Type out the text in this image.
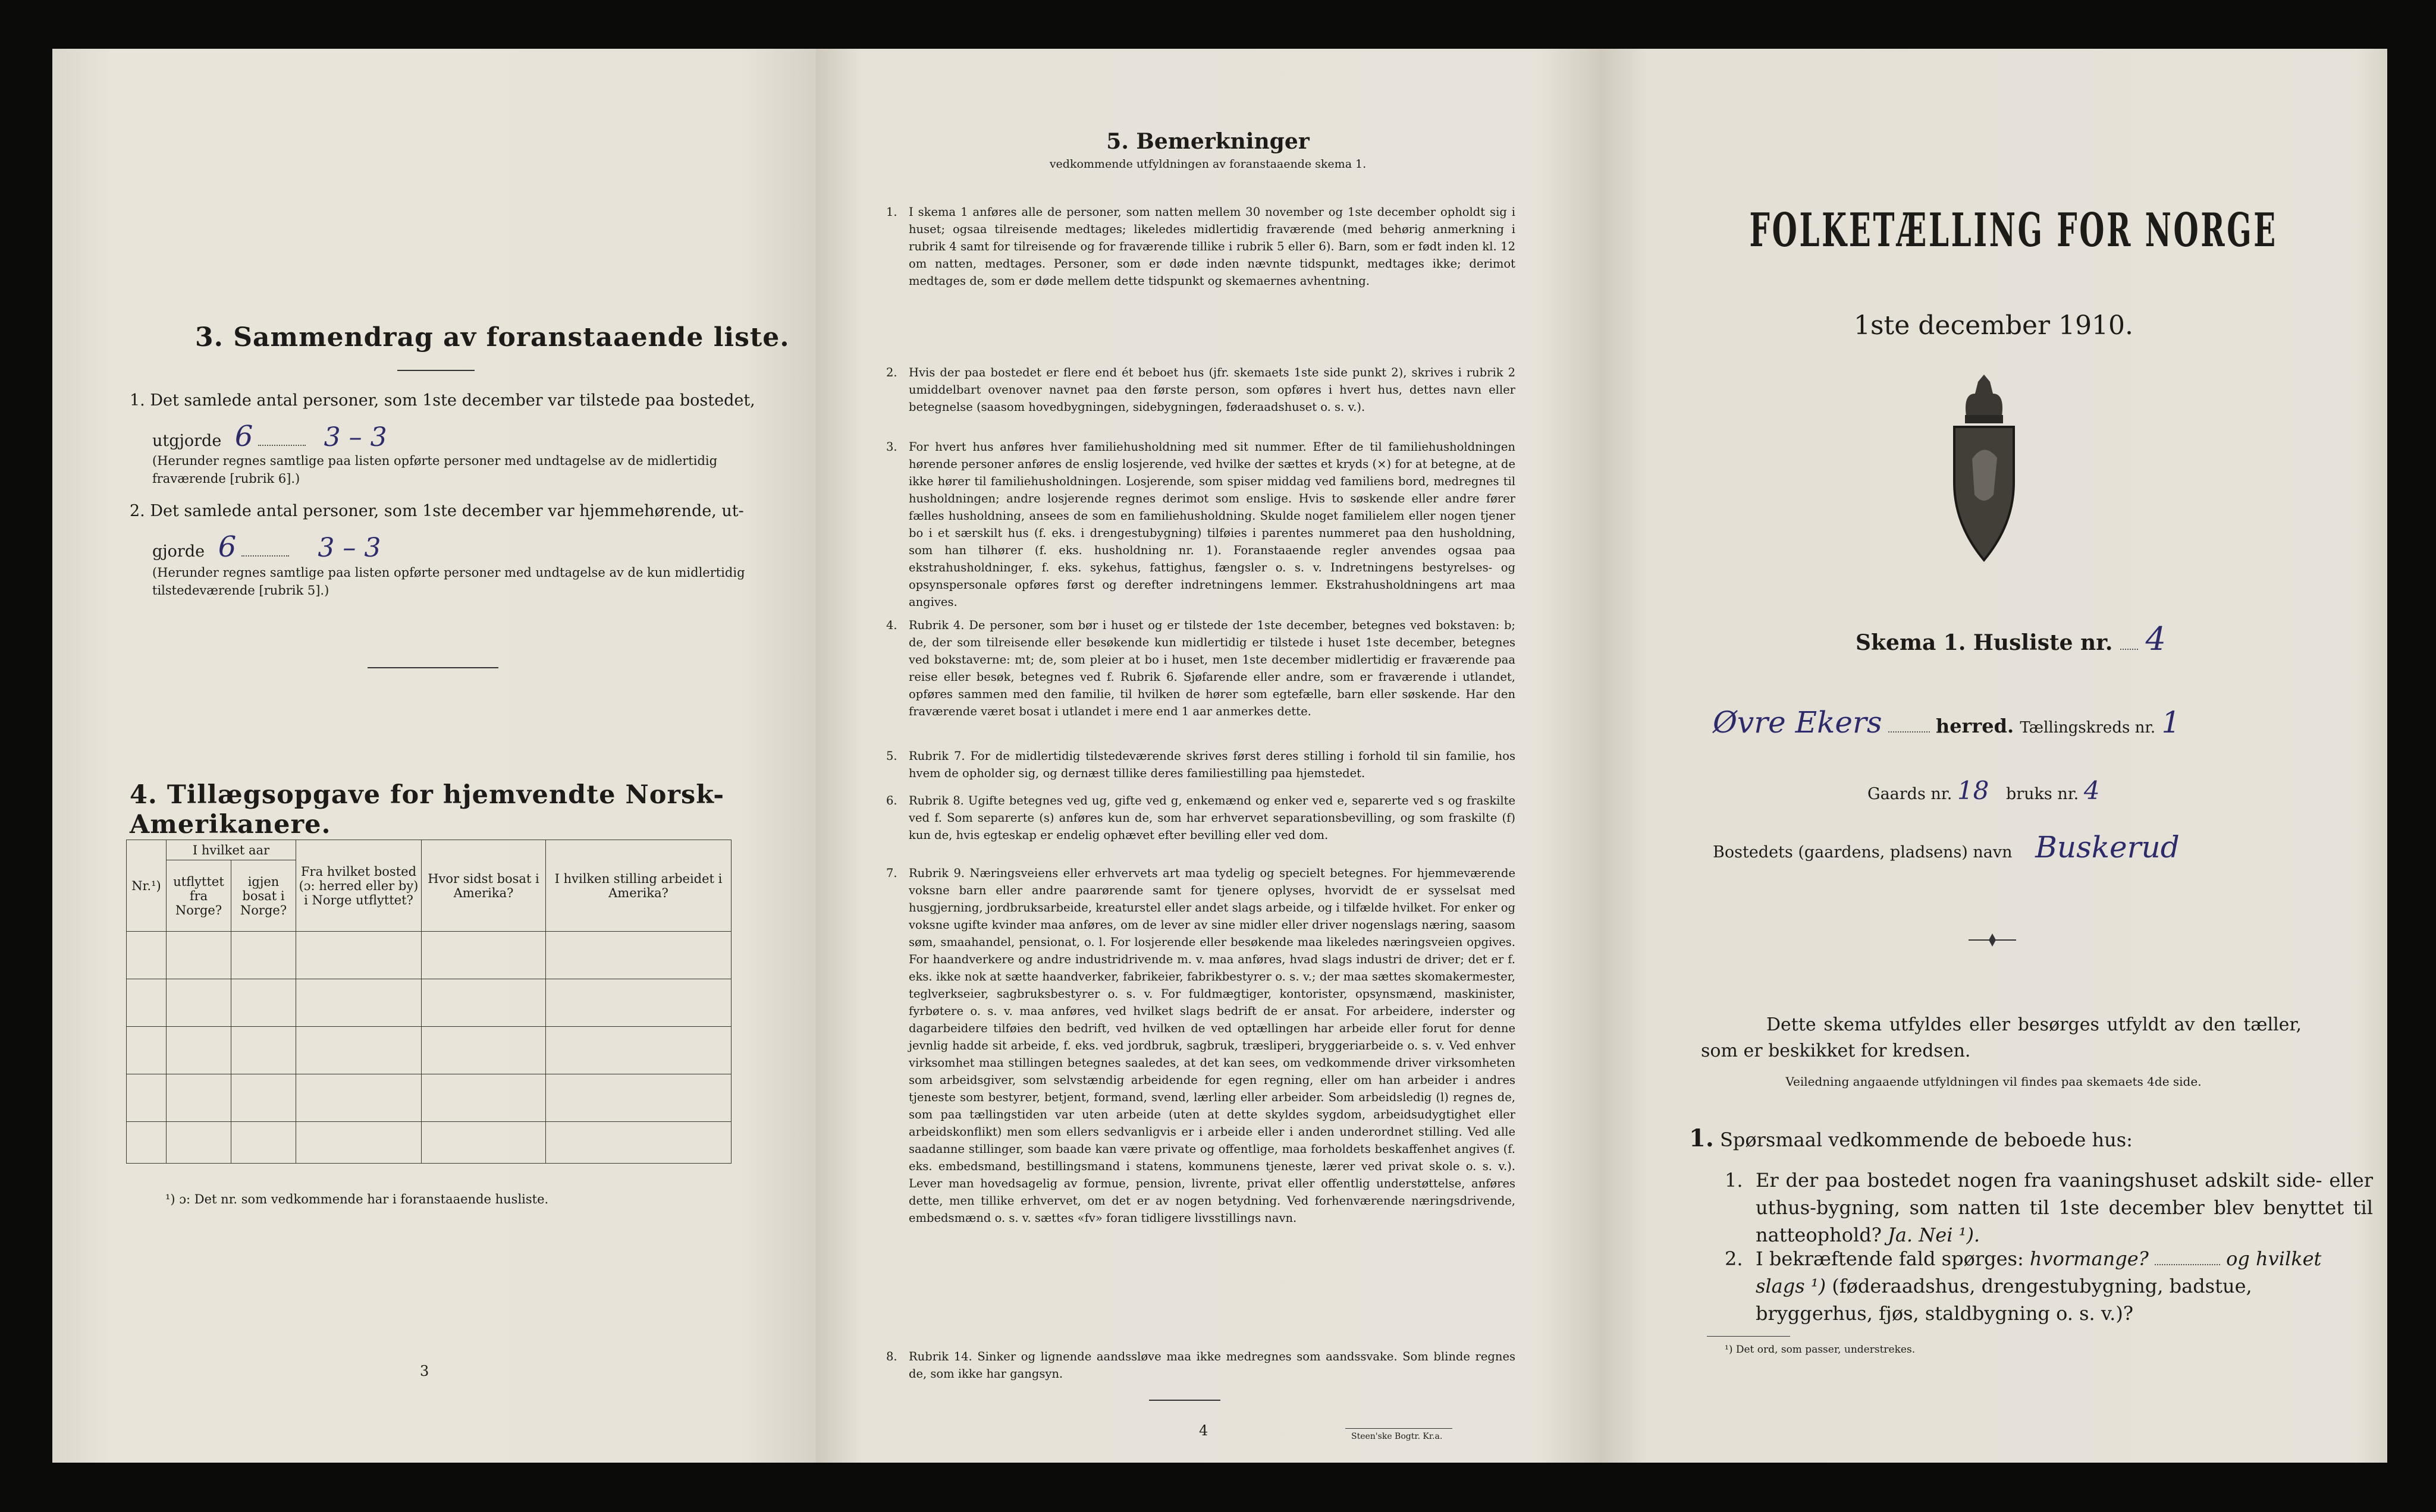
3. Sammendrag av foranstaaende liste.
1. Det samlede antal personer, som 1ste december var tilstede paa bostedet,
utgjorde 6	3 – 3
(Herunder regnes samtlige paa listen opførte personer med undtagelse av de midlertidig fraværende [rubrik 6].)
2. Det samlede antal personer, som 1ste december var hjemmehørende, ut-
gjorde 6	3 – 3
(Herunder regnes samtlige paa listen opførte personer med undtagelse av de kun midlertidig tilstedeværende [rubrik 5].)
4. Tillægsopgave for hjemvendte Norsk-Amerikanere.
Nr.¹)	I hvilket aar		Fra hvilket bosted (ɔ: herred eller by) i Norge utflyttet?	Hvor sidst bosat i Amerika?	I hvilken stilling arbeidet i Amerika?
	utflyttet fra Norge?	igjen bosat i Norge?			

¹) ɔ: Det nr. som vedkommende har i foranstaaende husliste.
3
5. Bemerkninger
vedkommende utfyldningen av foranstaaende skema 1.
1. I skema 1 anføres alle de personer, som natten mellem 30 november og 1ste december opholdt sig i huset; ogsaa tilreisende medtages; likeledes midlertidig fraværende (med behørig anmerkning i rubrik 4 samt for tilreisende og for fraværende tillike i rubrik 5 eller 6). Barn, som er født inden kl. 12 om natten, medtages. Personer, som er døde inden nævnte tidspunkt, medtages ikke; derimot medtages de, som er døde mellem dette tidspunkt og skemaernes avhentning.
2. Hvis der paa bostedet er flere end ét beboet hus (jfr. skemaets 1ste side punkt 2), skrives i rubrik 2 umiddelbart ovenover navnet paa den første person, som opføres i hvert hus, dettes navn eller betegnelse (saasom hovedbygningen, sidebygningen, føderaadshuset o. s. v.).
3. For hvert hus anføres hver familiehusholdning med sit nummer. Efter de til familiehusholdningen hørende personer anføres de enslig losjerende, ved hvilke der sættes et kryds (×) for at betegne, at de ikke hører til familiehusholdningen. Losjerende, som spiser middag ved familiens bord, medregnes til husholdningen; andre losjerende regnes derimot som enslige. Hvis to søskende eller andre fører fælles husholdning, ansees de som en familiehusholdning. Skulde noget familielem eller nogen tjener bo i et særskilt hus (f. eks. i drengestubygning) tilføies i parentes nummeret paa den husholdning, som han tilhører (f. eks. husholdning nr. 1). Foranstaaende regler anvendes ogsaa paa ekstrahusholdninger, f. eks. sykehus, fattighus, fængsler o. s. v. Indretningens bestyrelses- og opsynspersonale opføres først og derefter indretningens lemmer. Ekstrahusholdningens art maa angives.
4. Rubrik 4. De personer, som bør i huset og er tilstede der 1ste december, betegnes ved bokstaven: b; de, der som tilreisende eller besøkende kun midlertidig er tilstede i huset 1ste december, betegnes ved bokstaverne: mt; de, som pleier at bo i huset, men 1ste december midlertidig er fraværende paa reise eller besøk, betegnes ved f. Rubrik 6. Sjøfarende eller andre, som er fraværende i utlandet, opføres sammen med den familie, til hvilken de hører som egtefælle, barn eller søskende. Har den fraværende været bosat i utlandet i mere end 1 aar anmerkes dette.
5. Rubrik 7. For de midlertidig tilstedeværende skrives først deres stilling i forhold til sin familie, hos hvem de opholder sig, og dernæst tillike deres familiestilling paa hjemstedet.
6. Rubrik 8. Ugifte betegnes ved ug, gifte ved g, enkemænd og enker ved e, separerte ved s og fraskilte ved f. Som separerte (s) anføres kun de, som har erhvervet separationsbevilling, og som fraskilte (f) kun de, hvis egteskap er endelig ophævet efter bevilling eller ved dom.
7. Rubrik 9. Næringsveiens eller erhvervets art maa tydelig og specielt betegnes. For hjemmeværende voksne barn eller andre paarørende samt for tjenere oplyses, hvorvidt de er sysselsat med husgjerning, jordbruksarbeide, kreaturstel eller andet slags arbeide, og i tilfælde hvilket. For enker og voksne ugifte kvinder maa anføres, om de lever av sine midler eller driver nogenslags næring, saasom søm, smaahandel, pensionat, o. l. For losjerende eller besøkende maa likeledes næringsveien opgives. For haandverkere og andre industridrivende m. v. maa anføres, hvad slags industri de driver; det er f. eks. ikke nok at sætte haandverker, fabrikeier, fabrikbestyrer o. s. v.; der maa sættes skomakermester, teglverkseier, sagbruksbestyrer o. s. v. For fuldmægtiger, kontorister, opsynsmænd, maskinister, fyrbøtere o. s. v. maa anføres, ved hvilket slags bedrift de er ansat. For arbeidere, inderster og dagarbeidere tilføies den bedrift, ved hvilken de ved optællingen har arbeide eller forut for denne jevnlig hadde sit arbeide, f. eks. ved jordbruk, sagbruk, træsliperi, bryggeriarbeide o. s. v. Ved enhver virksomhet maa stillingen betegnes saaledes, at det kan sees, om vedkommende driver virksomheten som arbeidsgiver, som selvstændig arbeidende for egen regning, eller om han arbeider i andres tjeneste som bestyrer, betjent, formand, svend, lærling eller arbeider. Som arbeidsledig (l) regnes de, som paa tællingstiden var uten arbeide (uten at dette skyldes sygdom, arbeidsudygtighet eller arbeidskonflikt) men som ellers sedvanligvis er i arbeide eller i anden underordnet stilling. Ved alle saadanne stillinger, som baade kan være private og offentlige, maa forholdets beskaffenhet angives (f. eks. embedsmand, bestillingsmand i statens, kommunens tjeneste, lærer ved privat skole o. s. v.). Lever man hovedsagelig av formue, pension, livrente, privat eller offentlig understøttelse, anføres dette, men tillike erhvervet, om det er av nogen betydning. Ved forhenværende næringsdrivende, embedsmænd o. s. v. sættes «fv» foran tidligere livsstillings navn.
8. Rubrik 14. Sinker og lignende aandssløve maa ikke medregnes som aandssvake. Som blinde regnes de, som ikke har gangsyn.
4	Steen'ske Bogtr. Kr.a.
FOLKETÆLLING FOR NORGE
1ste december 1910.
Skema 1. Husliste nr. 4
Øvre Ekers	herred. Tællingskreds nr. 1
Gaards nr. 18 bruks nr. 4
Bostedets (gaardens, pladsens) navn Buskerud
Dette skema utfyldes eller besørges utfyldt av den tæller, som er beskikket for kredsen.
Veiledning angaaende utfyldningen vil findes paa skemaets 4de side.
1. Spørsmaal vedkommende de beboede hus:
1. Er der paa bostedet nogen fra vaaningshuset adskilt side- eller uthus-bygning, som natten til 1ste december blev benyttet til natteophold? Ja. Nei ¹).
2. I bekræftende fald spørges: hvormange?	og hvilket slags ¹) (føderaadshus, drengestubygning, badstue, bryggerhus, fjøs, staldbygning o. s. v.)?
¹) Det ord, som passer, understrekes.
